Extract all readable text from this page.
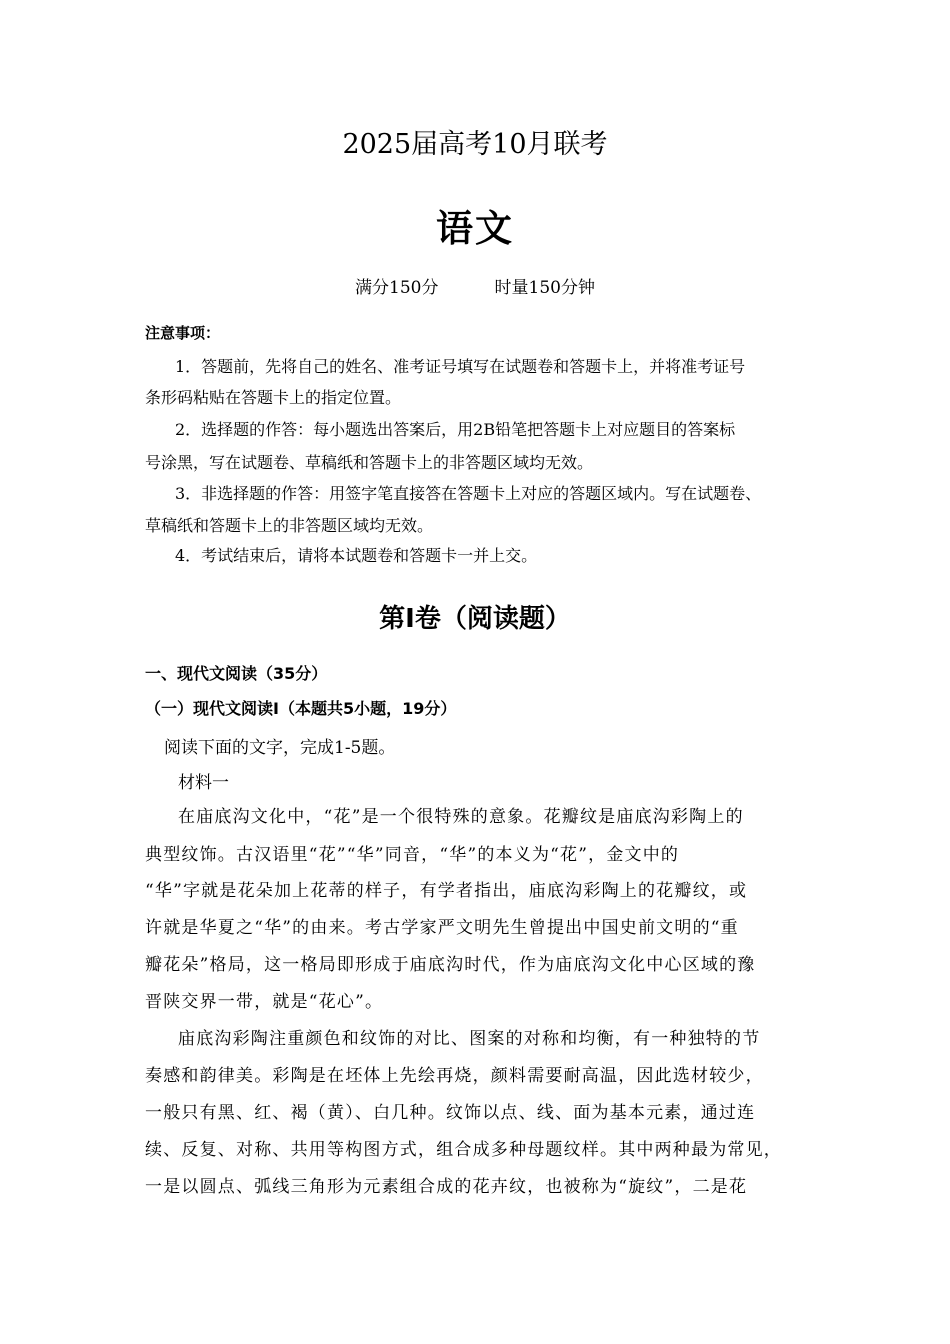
2025届高考10月联考
语文
满分150分	时量150分钟
注意事项：
1．答题前，先将自己的姓名、准考证号填写在试题卷和答题卡上，并将准考证号
条形码粘贴在答题卡上的指定位置。
2．选择题的作答：每小题选出答案后，用2B铅笔把答题卡上对应题目的答案标
号涂黑，写在试题卷、草稿纸和答题卡上的非答题区域均无效。
3．非选择题的作答：用签字笔直接答在答题卡上对应的答题区域内。写在试题卷、
草稿纸和答题卡上的非答题区域均无效。
4．考试结束后，请将本试题卷和答题卡一并上交。
第Ⅰ卷（阅读题）
一、现代文阅读（35分）
（一）现代文阅读Ⅰ（本题共5小题，19分）
阅读下面的文字，完成1-5题。
材料一
在庙底沟文化中，“花”是一个很特殊的意象。花瓣纹是庙底沟彩陶上的
典型纹饰。古汉语里“花”“华”同音，“华”的本义为“花”，金文中的
“华”字就是花朵加上花蒂的样子，有学者指出，庙底沟彩陶上的花瓣纹，或
许就是华夏之“华”的由来。考古学家严文明先生曾提出中国史前文明的“重
瓣花朵”格局，这一格局即形成于庙底沟时代，作为庙底沟文化中心区域的豫
晋陕交界一带，就是“花心”。
庙底沟彩陶注重颜色和纹饰的对比、图案的对称和均衡，有一种独特的节
奏感和韵律美。彩陶是在坯体上先绘再烧，颜料需要耐高温，因此选材较少，
一般只有黑、红、褐（黄）、白几种。纹饰以点、线、面为基本元素，通过连
续、反复、对称、共用等构图方式，组合成多种母题纹样。其中两种最为常见，
一是以圆点、弧线三角形为元素组合成的花卉纹，也被称为“旋纹”，二是花
